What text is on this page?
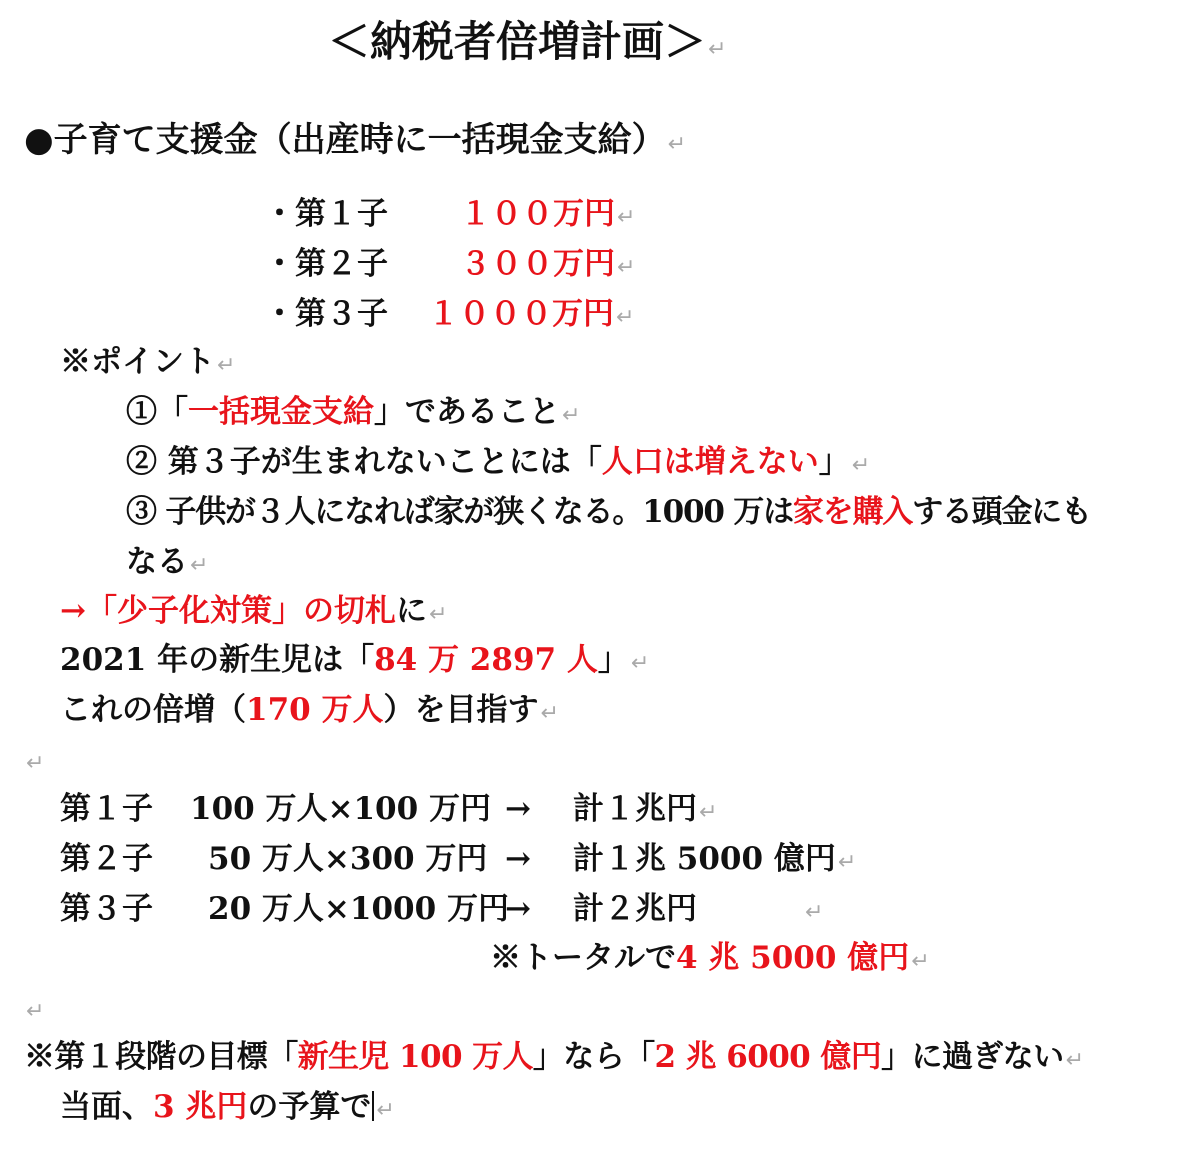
＜納税者倍増計画＞↵
●子育て支援金（出産時に一括現金支給）↵
・第１子 １００万円↵
・第２子 ３００万円↵
・第３子 １０００万円↵
※ポイント↵
①「一括現金支給」であること↵
② 第３子が生まれないことには「人口は増えない」↵
③ 子供が３人になれば家が狭くなる。1000 万は家を購入する頭金にも
なる↵
→「少子化対策」の切札に↵
2021 年の新生児は「84 万 2897 人」↵
これの倍増（170 万人）を目指す↵
↵
第１子 100 万人×100 万円 → 計１兆円↵
第２子 50 万人×300 万円 → 計１兆 5000 億円↵
第３子 20 万人×1000 万円→ 計２兆円	↵
※トータルで4 兆 5000 億円↵
↵
※第１段階の目標「新生児 100 万人」なら「2 兆 6000 億円」に過ぎない↵
当面、3 兆円の予算で ↵
